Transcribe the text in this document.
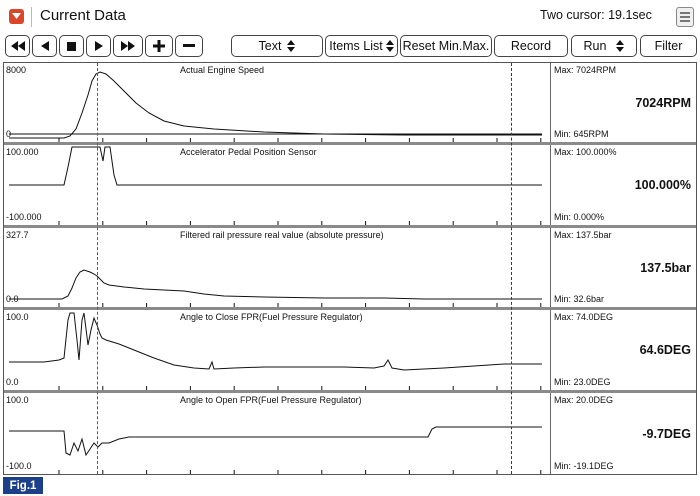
Current Data	Two cursor: 19.1sec
Text	Items List Reset Min.Max. Record	Run	Filter
8000
0
Actual Engine Speed	Max: 7024RPM
7024RPM
Min: 645RPM
100.000
-100.000
Accelerator Pedal Position Sensor	Max: 100.000%
100.000%
Min: 0.000%
327.7
0.0
Filtered rail pressure real value (absolute pressure)	Max: 137.5bar
137.5bar
Min: 32.6bar
100.0
0.0
Angle to Close FPR(Fuel Pressure Regulator)	Max: 74.0DEG
64.6DEG
Min: 23.0DEG
100.0
-100.0
Angle to Open FPR(Fuel Pressure Regulator)	Max: 20.0DEG
-9.7DEG
Min: -19.1DEG
Fig.1
